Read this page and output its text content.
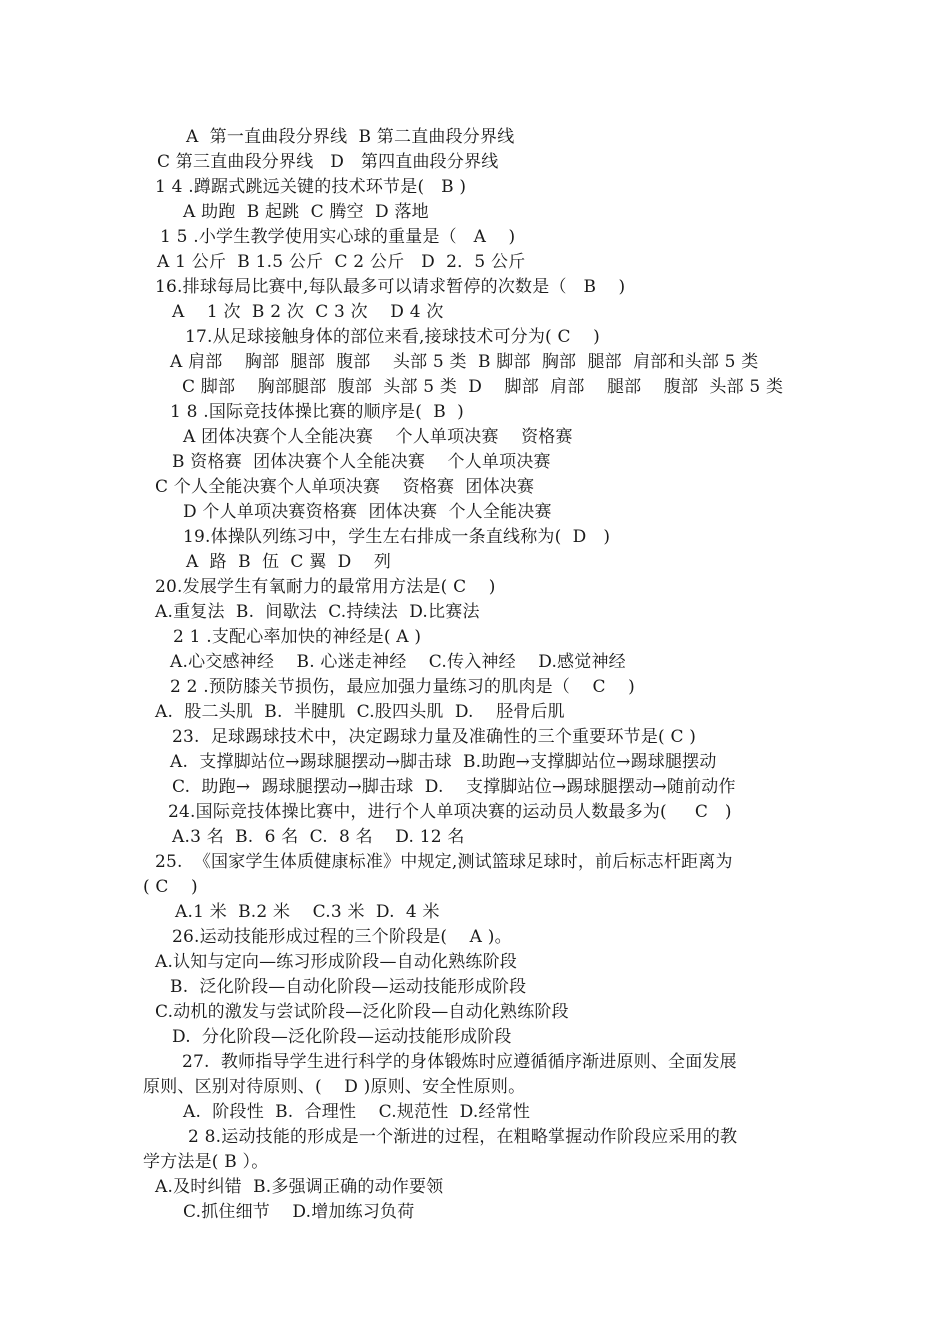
A  第一直曲段分界线  B 第二直曲段分界线
C 第三直曲段分界线   D   第四直曲段分界线
1 4 .蹲踞式跳远关键的技术环节是(   B )
A 助跑  B 起跳  C 腾空  D 落地
1 5 .小学生教学使用实心球的重量是（   A    )
A 1 公斤  B 1.5 公斤  C 2 公斤   D  2．5 公斤
16.排球每局比赛中,每队最多可以请求暂停的次数是（   B    )
A    1 次  B 2 次  C 3 次    D 4 次
17.从足球接触身体的部位来看,接球技术可分为( C    )
A 肩部    胸部  腿部  腹部    头部 5 类  B 脚部  胸部  腿部  肩部和头部 5 类
C 脚部    胸部腿部  腹部  头部 5 类  D    脚部  肩部    腿部    腹部  头部 5 类
1 8 .国际竞技体操比赛的顺序是(  B  )
A 团体决赛个人全能决赛    个人单项决赛    资格赛
B 资格赛  团体决赛个人全能决赛    个人单项决赛
C 个人全能决赛个人单项决赛    资格赛  团体决赛
D 个人单项决赛资格赛  团体决赛  个人全能决赛
19.体操队列练习中，学生左右排成一条直线称为(  D   )
A  路  B  伍  C 翼  D    列
20.发展学生有氧耐力的最常用方法是( C    )
A.重复法  B.  间歇法  C.持续法  D.比赛法
2 1 .支配心率加快的神经是( A )
A.心交感神经    B. 心迷走神经    C.传入神经    D.感觉神经
2 2 .预防膝关节损伤，最应加强力量练习的肌肉是（    C    )
A.  股二头肌  B.  半腱肌  C.股四头肌  D.    胫骨后肌
23.  足球踢球技术中，决定踢球力量及准确性的三个重要环节是( C )
A.  支撑脚站位→踢球腿摆动→脚击球  B.助跑→支撑脚站位→踢球腿摆动
C.  助跑→  踢球腿摆动→脚击球  D.    支撑脚站位→踢球腿摆动→随前动作
24.国际竞技体操比赛中，进行个人单项决赛的运动员人数最多为(     C   )
A.3 名  B.  6 名  C.  8 名    D. 12 名
25.  《国家学生体质健康标准》中规定,测试篮球足球时，前后标志杆距离为
( C    )
A.1 米  B.2 米    C.3 米  D.  4 米
26.运动技能形成过程的三个阶段是(    A )。
A.认知与定向—练习形成阶段—自动化熟练阶段
B.  泛化阶段—自动化阶段—运动技能形成阶段
C.动机的激发与尝试阶段—泛化阶段—自动化熟练阶段
D.  分化阶段—泛化阶段—运动技能形成阶段
27.  教师指导学生进行科学的身体锻炼时应遵循循序渐进原则、全面发展
原则、区别对待原则、(    D )原则、安全性原则。
A.  阶段性  B.  合理性    C.规范性  D.经常性
2 8.运动技能的形成是一个渐进的过程，在粗略掌握动作阶段应采用的教
学方法是( B ）。
A.及时纠错  B.多强调正确的动作要领
C.抓住细节    D.增加练习负荷
